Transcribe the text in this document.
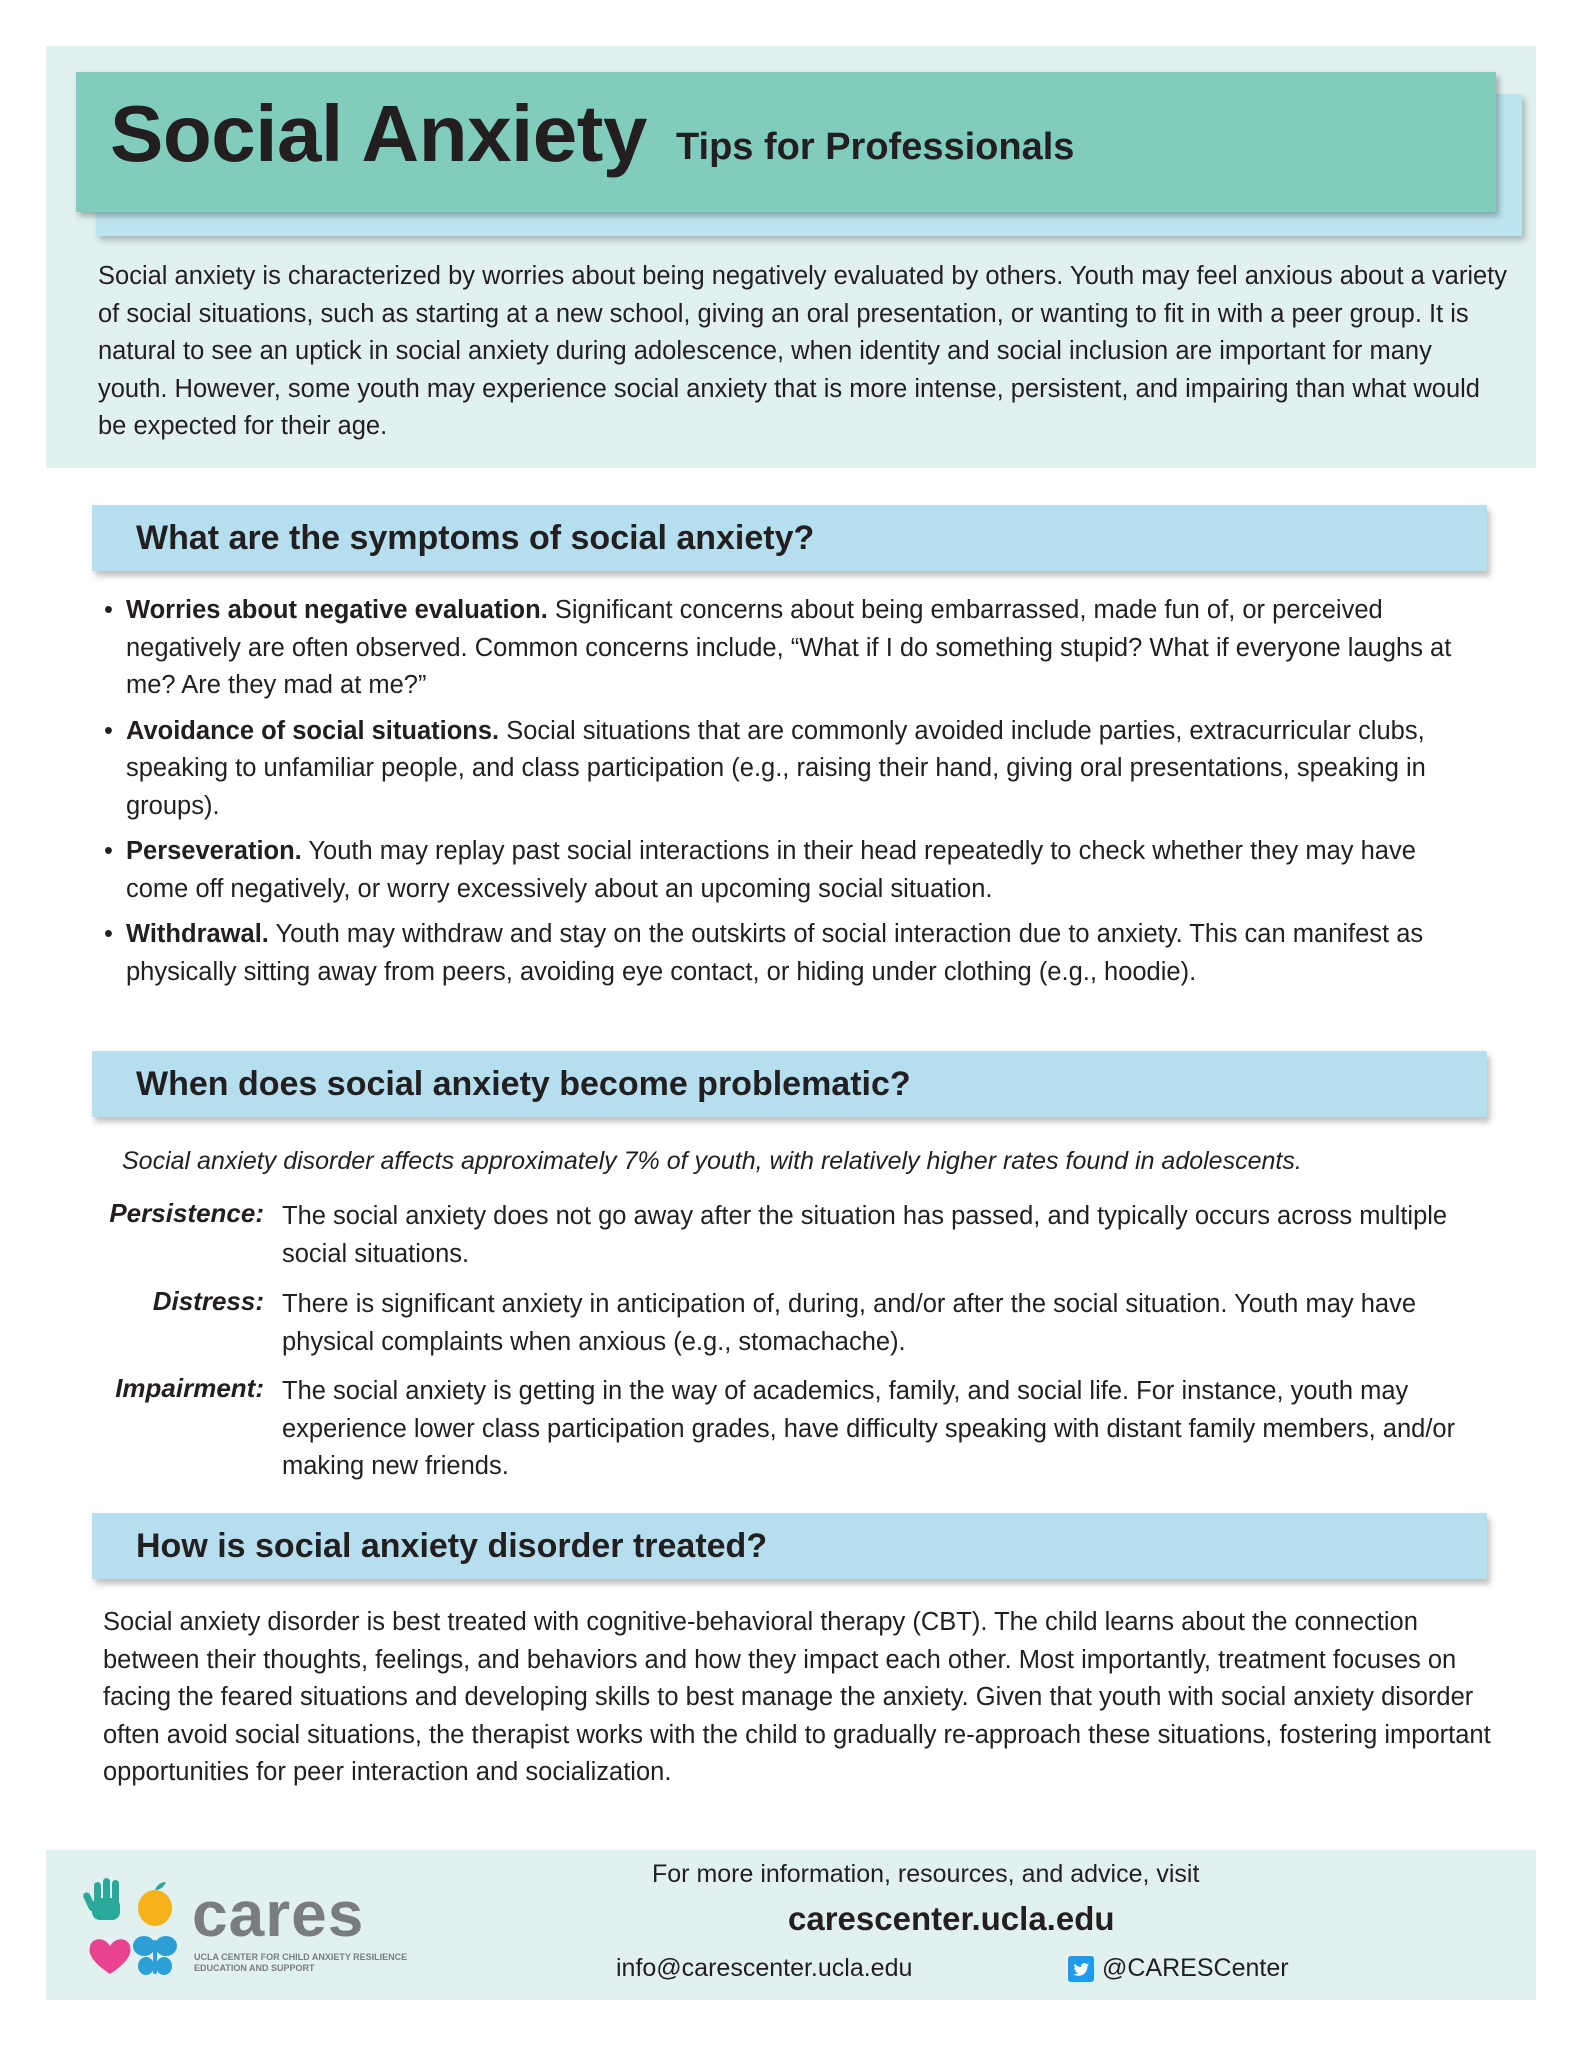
Social Anxiety Tips for Professionals
Social anxiety is characterized by worries about being negatively evaluated by others. Youth may feel anxious about a variety of social situations, such as starting at a new school, giving an oral presentation, or wanting to fit in with a peer group. It is natural to see an uptick in social anxiety during adolescence, when identity and social inclusion are important for many youth. However, some youth may experience social anxiety that is more intense, persistent, and impairing than what would be expected for their age.
What are the symptoms of social anxiety?
• Worries about negative evaluation. Significant concerns about being embarrassed, made fun of, or perceived negatively are often observed. Common concerns include, “What if I do something stupid? What if everyone laughs at me? Are they mad at me?”
• Avoidance of social situations. Social situations that are commonly avoided include parties, extracurricular clubs, speaking to unfamiliar people, and class participation (e.g., raising their hand, giving oral presentations, speaking in groups).
• Perseveration. Youth may replay past social interactions in their head repeatedly to check whether they may have come off negatively, or worry excessively about an upcoming social situation.
• Withdrawal. Youth may withdraw and stay on the outskirts of social interaction due to anxiety. This can manifest as physically sitting away from peers, avoiding eye contact, or hiding under clothing (e.g., hoodie).
When does social anxiety become problematic?
Social anxiety disorder affects approximately 7% of youth, with relatively higher rates found in adolescents.
Persistence: The social anxiety does not go away after the situation has passed, and typically occurs across multiple social situations.
Distress: There is significant anxiety in anticipation of, during, and/or after the social situation. Youth may have physical complaints when anxious (e.g., stomachache).
Impairment: The social anxiety is getting in the way of academics, family, and social life. For instance, youth may experience lower class participation grades, have difficulty speaking with distant family members, and/or making new friends.
How is social anxiety disorder treated?
Social anxiety disorder is best treated with cognitive-behavioral therapy (CBT). The child learns about the connection between their thoughts, feelings, and behaviors and how they impact each other. Most importantly, treatment focuses on facing the feared situations and developing skills to best manage the anxiety. Given that youth with social anxiety disorder often avoid social situations, the therapist works with the child to gradually re-approach these situations, fostering important opportunities for peer interaction and socialization.
cares
UCLA CENTER FOR CHILD ANXIETY RESILIENCE EDUCATION AND SUPPORT
For more information, resources, and advice, visit
carescenter.ucla.edu
info@carescenter.ucla.edu	@CARESCenter
